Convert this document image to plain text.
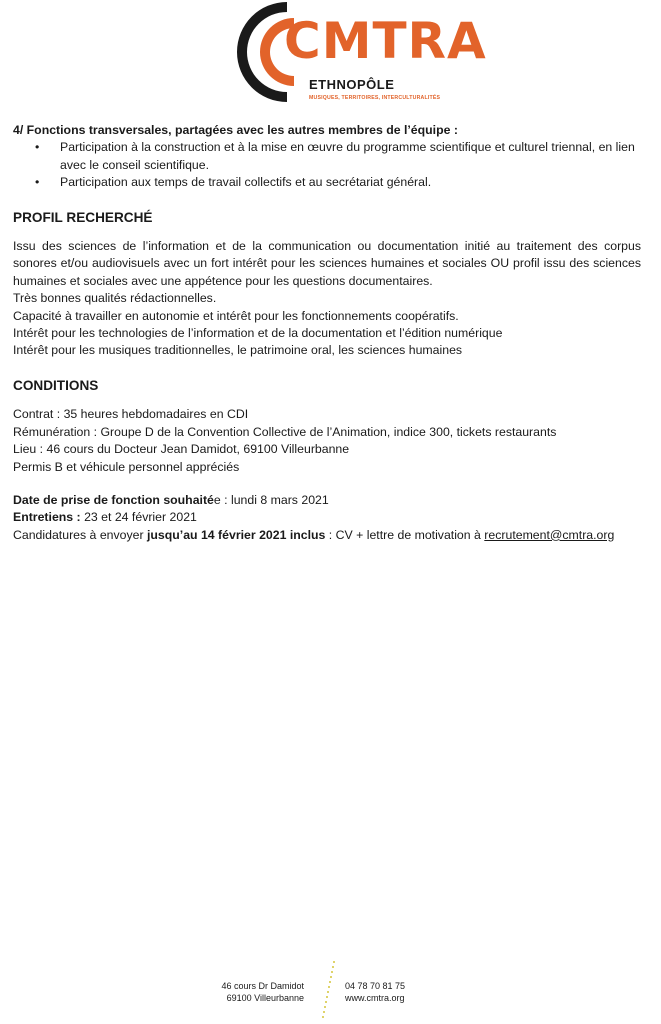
CMTRA
ETHNOPÔLE
MUSIQUES, TERRITOIRES, INTERCULTURALITÉS

4/ Fonctions transversales, partagées avec les autres membres de l’équipe :

• Participation à la construction et à la mise en œuvre du programme scientifique et culturel triennal, en lien avec le conseil scientifique.
• Participation aux temps de travail collectifs et au secrétariat général.

PROFIL RECHERCHÉ

Issu des sciences de l’information et de la communication ou documentation initié au traitement des corpus sonores et/ou audiovisuels avec un fort intérêt pour les sciences humaines et sociales OU profil issu des sciences humaines et sociales avec une appétence pour les questions documentaires.

Très bonnes qualités rédactionnelles.

Capacité à travailler en autonomie et intérêt pour les fonctionnements coopératifs.

Intérêt pour les technologies de l’information et de la documentation et l’édition numérique

Intérêt pour les musiques traditionnelles, le patrimoine oral, les sciences humaines

CONDITIONS

Contrat : 35 heures hebdomadaires en CDI

Rémunération : Groupe D de la Convention Collective de l’Animation, indice 300, tickets restaurants

Lieu : 46 cours du Docteur Jean Damidot, 69100 Villeurbanne

Permis B et véhicule personnel appréciés

Date de prise de fonction souhaitée : lundi 8 mars 2021

Entretiens : 23 et 24 février 2021

Candidatures à envoyer jusqu’au 14 février 2021 inclus : CV + lettre de motivation à recrutement@cmtra.org

46 cours Dr Damidot
69100 Villeurbanne
04 78 70 81 75
www.cmtra.org
